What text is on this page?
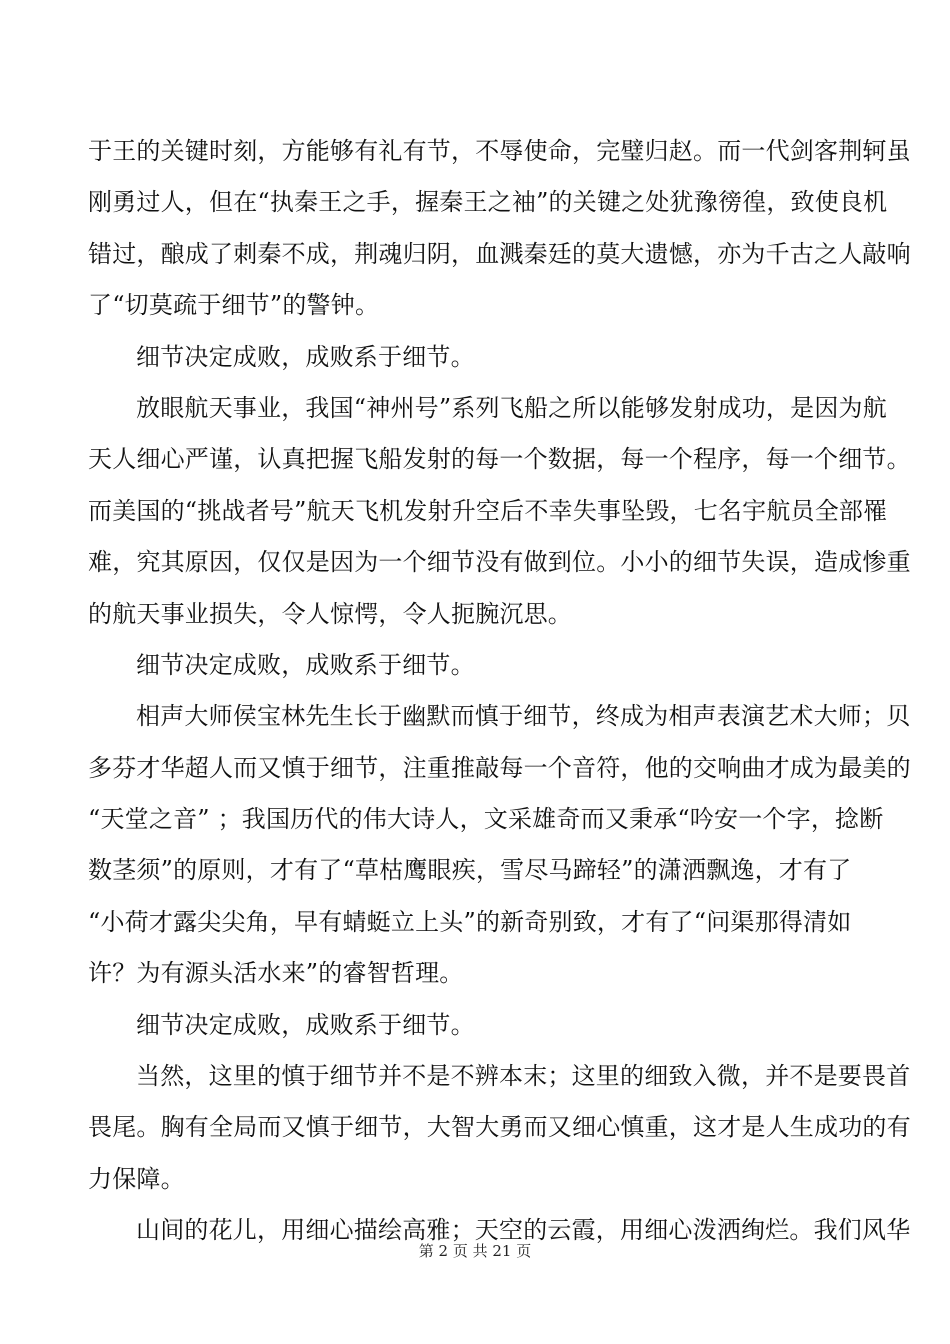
于王的关键时刻，方能够有礼有节，不辱使命，完璧归赵。而一代剑客荆轲虽
刚勇过人，但在“执秦王之手，握秦王之袖”的关键之处犹豫徬徨，致使良机
错过，酿成了刺秦不成，荆魂归阴，血溅秦廷的莫大遗憾，亦为千古之人敲响
了“切莫疏于细节”的警钟。
细节决定成败，成败系于细节。
放眼航天事业，我国“神州号”系列飞船之所以能够发射成功，是因为航
天人细心严谨，认真把握飞船发射的每一个数据，每一个程序，每一个细节。
而美国的“挑战者号”航天飞机发射升空后不幸失事坠毁，七名宇航员全部罹
难，究其原因，仅仅是因为一个细节没有做到位。小小的细节失误，造成惨重
的航天事业损失，令人惊愕，令人扼腕沉思。
细节决定成败，成败系于细节。
相声大师侯宝林先生长于幽默而慎于细节，终成为相声表演艺术大师；贝
多芬才华超人而又慎于细节，注重推敲每一个音符，他的交响曲才成为最美的
“天堂之音” ；我国历代的伟大诗人，文采雄奇而又秉承“吟安一个字，捻断
数茎须”的原则，才有了“草枯鹰眼疾，雪尽马蹄轻”的潇洒飘逸，才有了
“小荷才露尖尖角，早有蜻蜓立上头”的新奇别致，才有了“问渠那得清如
许？为有源头活水来”的睿智哲理。
细节决定成败，成败系于细节。
当然，这里的慎于细节并不是不辨本末；这里的细致入微，并不是要畏首
畏尾。胸有全局而又慎于细节，大智大勇而又细心慎重，这才是人生成功的有
力保障。
山间的花儿，用细心描绘高雅；天空的云霞，用细心泼洒绚烂。我们风华
第 2 页 共 21 页
